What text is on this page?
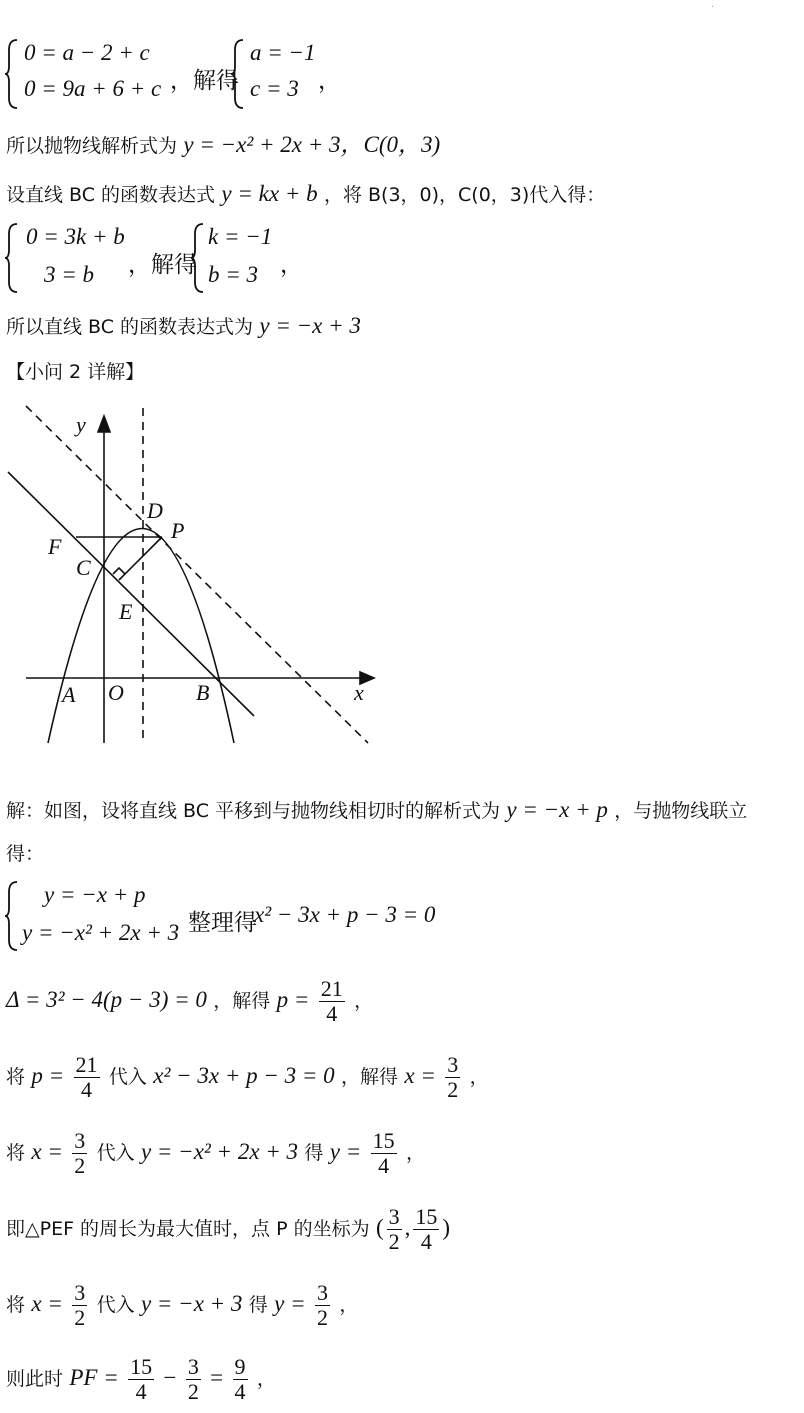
·
0 = a − 2 + c
0 = 9a + 6 + c ，解得
a = −1
c = 3 ，
所以抛物线解析式为 y = −x² + 2x + 3，C(0，3)
设直线 BC 的函数表达式 y = kx + b ，将 B(3，0)，C(0，3)代入得：
0 = 3k + b
3 = b ，解得
k = −1
b = 3 ，
所以直线 BC 的函数表达式为 y = −x + 3
【小问 2 详解】
y
x
D
P
F
C
E
A O	B
解：如图，设将直线 BC 平移到与抛物线相切时的解析式为 y = −x + p ，与抛物线联立
得：
y = −x + p
y = −x² + 2x + 3 整理得
x² − 3x + p − 3 = 0
Δ = 3² − 4(p − 3) = 0 ，解得 $p = \frac{21}{4}$ ，
将 $p = \frac{21}{4}$ 代入 x² − 3x + p − 3 = 0 ，解得 $x = \frac{3}{2}$ ，
将 $x = \frac{3}{2}$ 代入 y = −x² + 2x + 3 得 $y = \frac{15}{4}$ ，
即△PEF 的周长为最大值时，点 P 的坐标为 ( $\frac{3}{2}$ , $\frac{15}{4}$ )
将 $x = \frac{3}{2}$ 代入 y = −x + 3 得 $y = \frac{3}{2}$ ，
则此时 PF = $\frac{15}{4} - \frac{3}{2} = \frac{9}{4}$ ，
